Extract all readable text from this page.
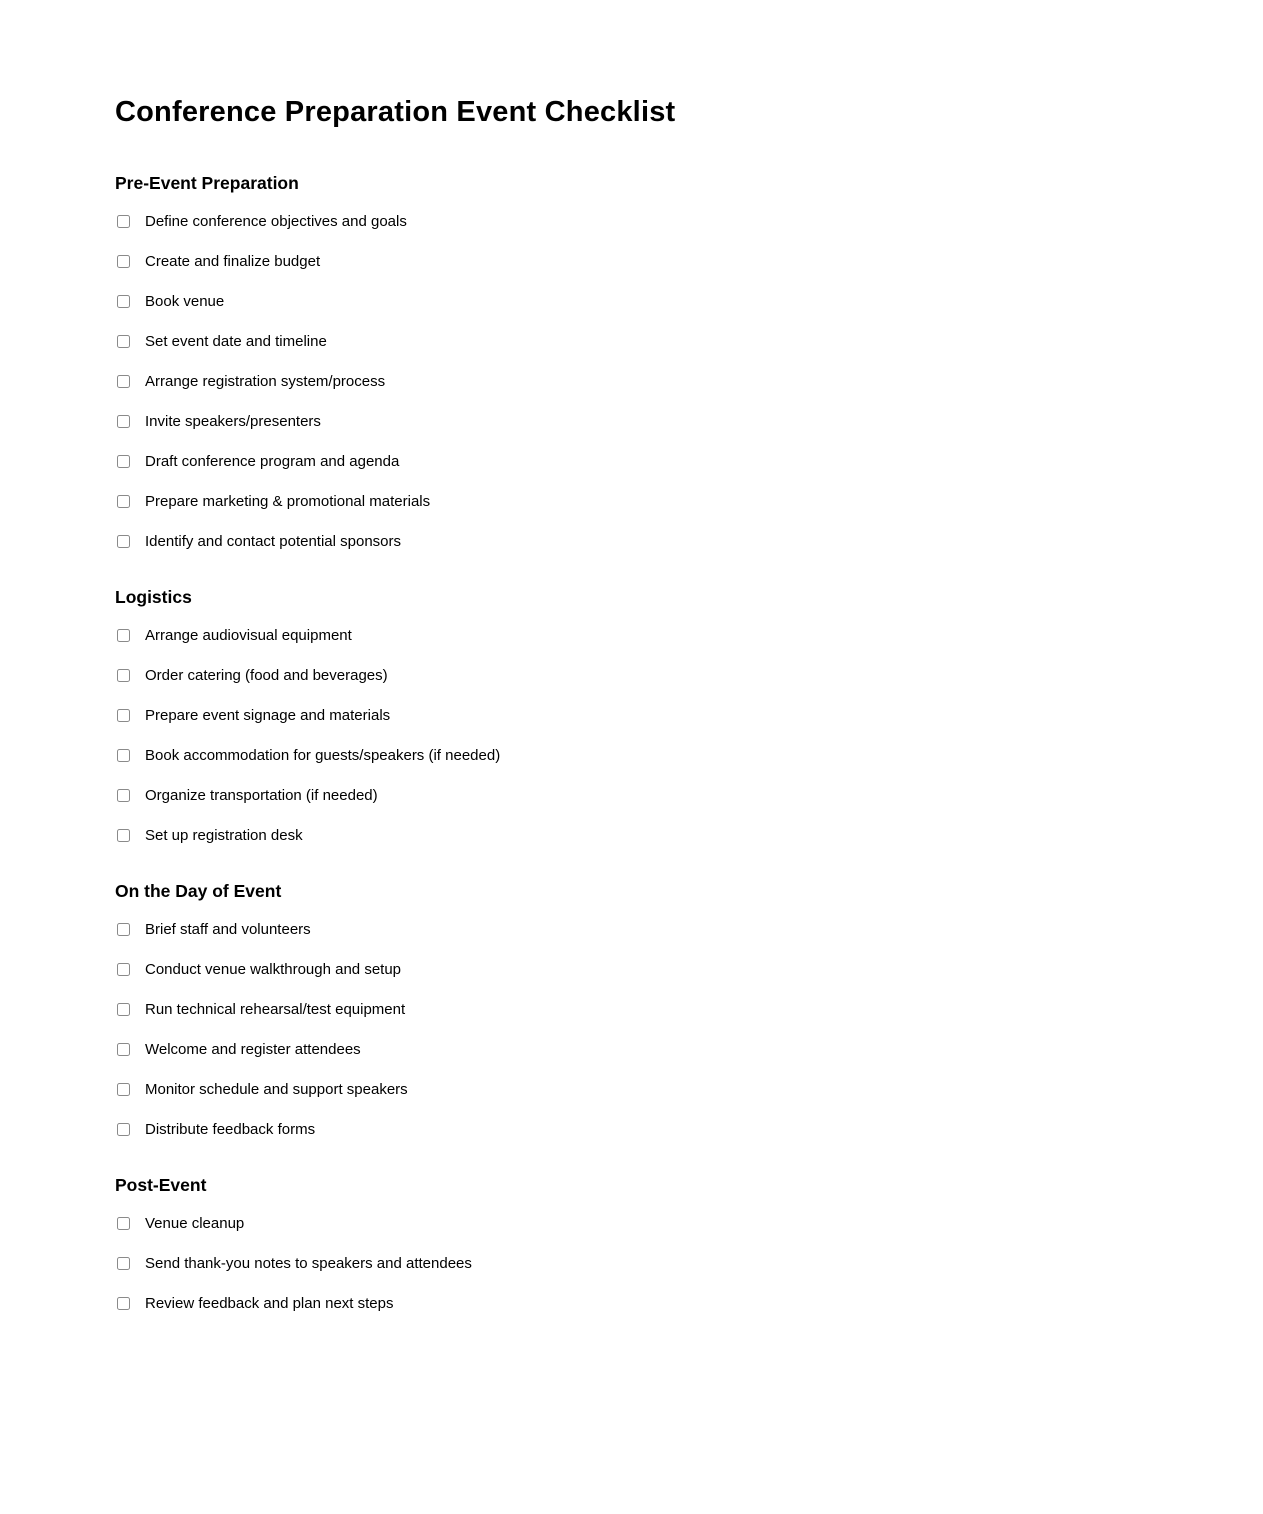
Conference Preparation Event Checklist
Pre-Event Preparation
Define conference objectives and goals
Create and finalize budget
Book venue
Set event date and timeline
Arrange registration system/process
Invite speakers/presenters
Draft conference program and agenda
Prepare marketing & promotional materials
Identify and contact potential sponsors
Logistics
Arrange audiovisual equipment
Order catering (food and beverages)
Prepare event signage and materials
Book accommodation for guests/speakers (if needed)
Organize transportation (if needed)
Set up registration desk
On the Day of Event
Brief staff and volunteers
Conduct venue walkthrough and setup
Run technical rehearsal/test equipment
Welcome and register attendees
Monitor schedule and support speakers
Distribute feedback forms
Post-Event
Venue cleanup
Send thank-you notes to speakers and attendees
Review feedback and plan next steps
